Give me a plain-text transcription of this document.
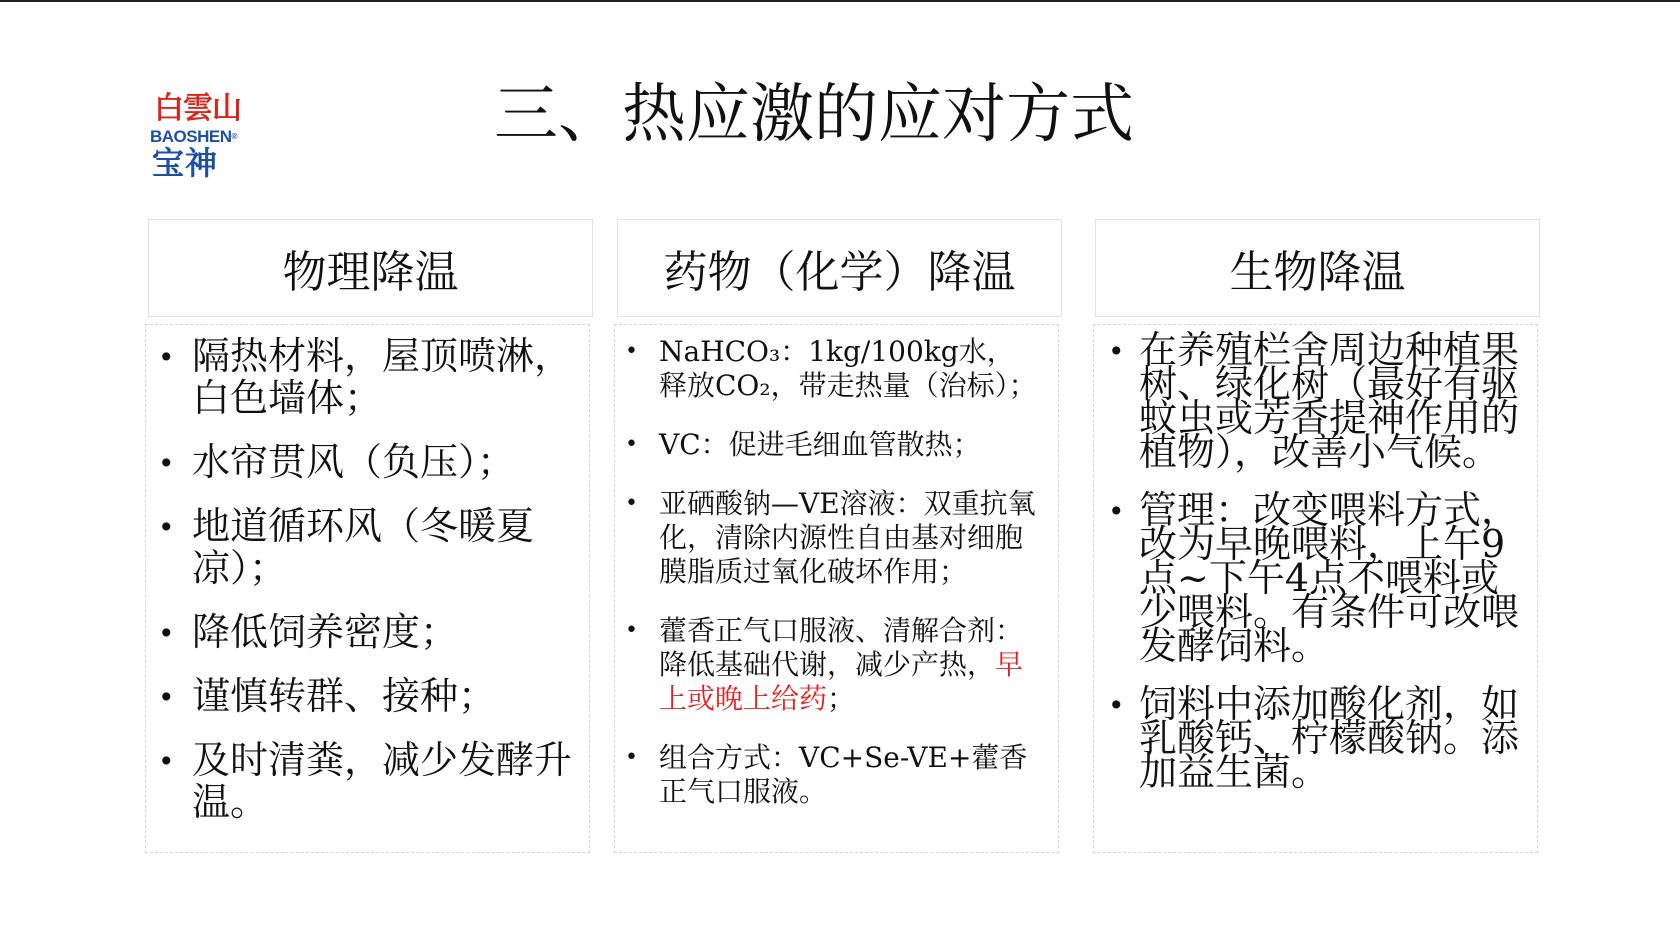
白雲山
BAOSHEN®
宝神
三、热应激的应对方式
物理降温	药物（化学）降温	生物降温
• 隔热材料，屋顶喷淋，白色墙体；
• 水帘贯风（负压）；
• 地道循环风（冬暖夏凉）；
• 降低饲养密度；
• 谨慎转群、接种；
• 及时清粪，减少发酵升温。
• NaHCO₃：1kg/100kg水，释放CO₂，带走热量（治标）；
• VC：促进毛细血管散热；
• 亚硒酸钠—VE溶液：双重抗氧化，清除内源性自由基对细胞膜脂质过氧化破坏作用；
• 藿香正气口服液、清解合剂：降低基础代谢，减少产热，早上或晚上给药；
• 组合方式：VC+Se-VE+藿香正气口服液。
• 在养殖栏舍周边种植果树、绿化树（最好有驱蚊虫或芳香提神作用的植物），改善小气候。
• 管理：改变喂料方式，改为早晚喂料，上午9点~下午4点不喂料或少喂料。有条件可改喂发酵饲料。
• 饲料中添加酸化剂，如乳酸钙、柠檬酸钠。添加益生菌。
